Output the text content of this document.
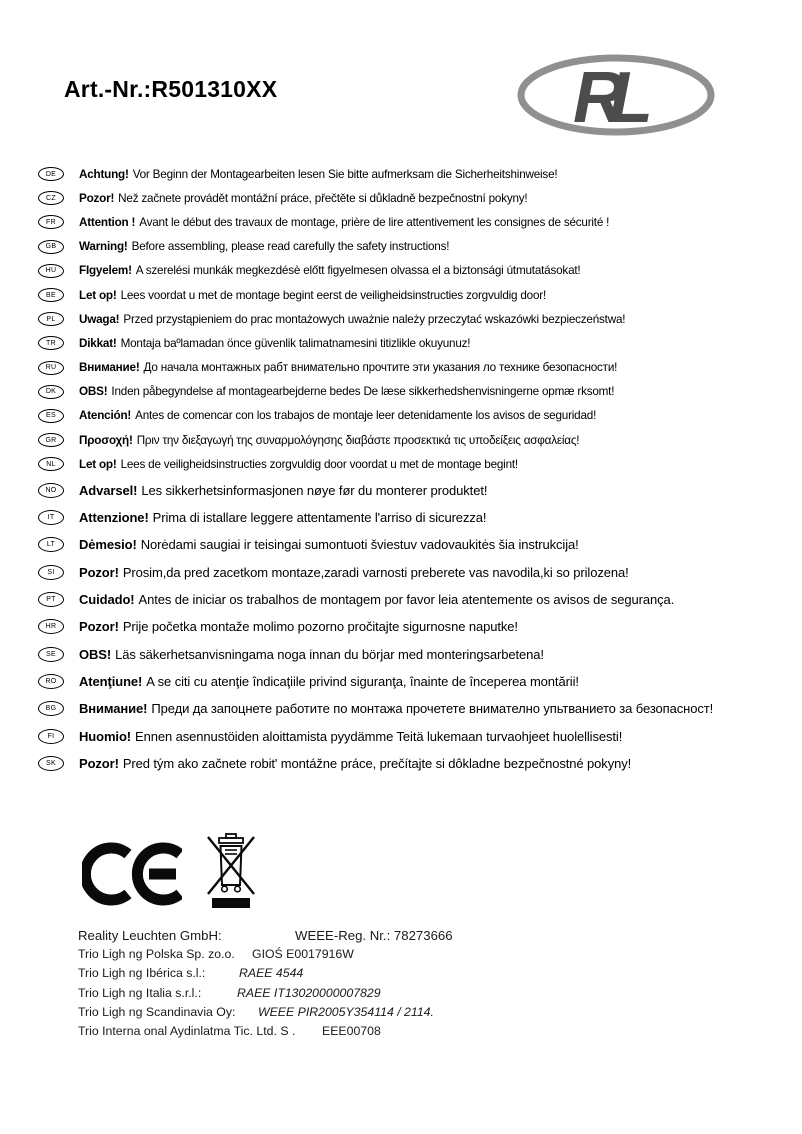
Art.-Nr.:R501310XX	RL
DE Achtung! Vor Beginn der Montagearbeiten lesen Sie bitte aufmerksam die Sicherheitshinweise!
CZ Pozor! Než začnete provádět montážní práce, přečtěte si důkladně bezpečnostní pokyny!
FR Attention ! Avant le début des travaux de montage, prière de lire attentivement les consignes de sécurité !
GB Warning! Before assembling, please read carefully the safety instructions!
HU FIgyelem! A szerelési munkák megkezdésè előtt figyelmesen olvassa el a biztonsági útmutatásokat!
BE Let op! Lees voordat u met de montage begint eerst de veiligheidsinstructies zorgvuldig door!
PL Uwaga! Przed przystąpieniem do prac montażowych uważnie należy przeczytać wskazówki bezpieczeństwa!
TR Dikkat! Montaja baºlamadan önce güvenlik talimatnamesini titizlikle okuyunuz!
RU Внимание! До начала монтажных рабт внимательно прочтите эти указания ло технике безопасности!
DK OBS! Inden påbegyndelse af montagearbejderne bedes De læse sikkerhedshenvisningerne opmæ rksomt!
ES Atención! Antes de comencar con los trabajos de montaje leer detenidamente los avisos de seguridad!
GR Προσοχή! Πριν την διεξαγωγή της συναρμολόγησης διαβάστε προσεκτικά τις υποδείξεις ασφαλείας!
NL Let op! Lees de veiligheidsinstructies zorgvuldig door voordat u met de montage begint!
NO Advarsel! Les sikkerhetsinformasjonen nøye før du monterer produktet!
IT Attenzione! Prima di istallare leggere attentamente l'arriso di sicurezza!
LT Dėmesio! Norėdami saugiai ir teisingai sumontuoti šviestuv vadovaukitės šia instrukcija!
SI Pozor! Prosim,da pred zacetkom montaze,zaradi varnosti preberete vas navodila,ki so prilozena!
PT Cuidado! Antes de iniciar os trabalhos de montagem por favor leia atentemente os avisos de segurança.
HR Pozor! Prije početka montaže molimo pozorno pročitajte sigurnosne naputke!
SE OBS! Läs säkerhetsanvisningama noga innan du börjar med monteringsarbetena!
RO Atenţiune! A se citi cu atenţie îndicaţiile privind siguranţa, înainte de începerea montării!
BG Внимание! Преди да запоцнете работите по монтажа прочетете внимателно упьтванието за безопасност!
FI Huomio! Ennen asennustöiden aloittamista pyydämme Teitä lukemaan turvaohjeet huolellisesti!
SK Pozor! Pred tým ako začnete robit' montážne práce, prečítajte si dôkladne bezpečnostné pokyny!
Reality Leuchten GmbH:	WEEE-Reg. Nr.: 78273666
Trio Ligh ng Polska Sp. zo.o.	GIOŚ E0017916W
Trio Ligh ng Ibérica s.l.:	RAEE 4544
Trio Ligh ng Italia s.r.l.:	RAEE IT13020000007829
Trio Ligh ng Scandinavia Oy:	WEEE PIR2005Y354114 / 2114.
Trio Interna onal Aydinlatma Tic. Ltd. S .	EEE00708
